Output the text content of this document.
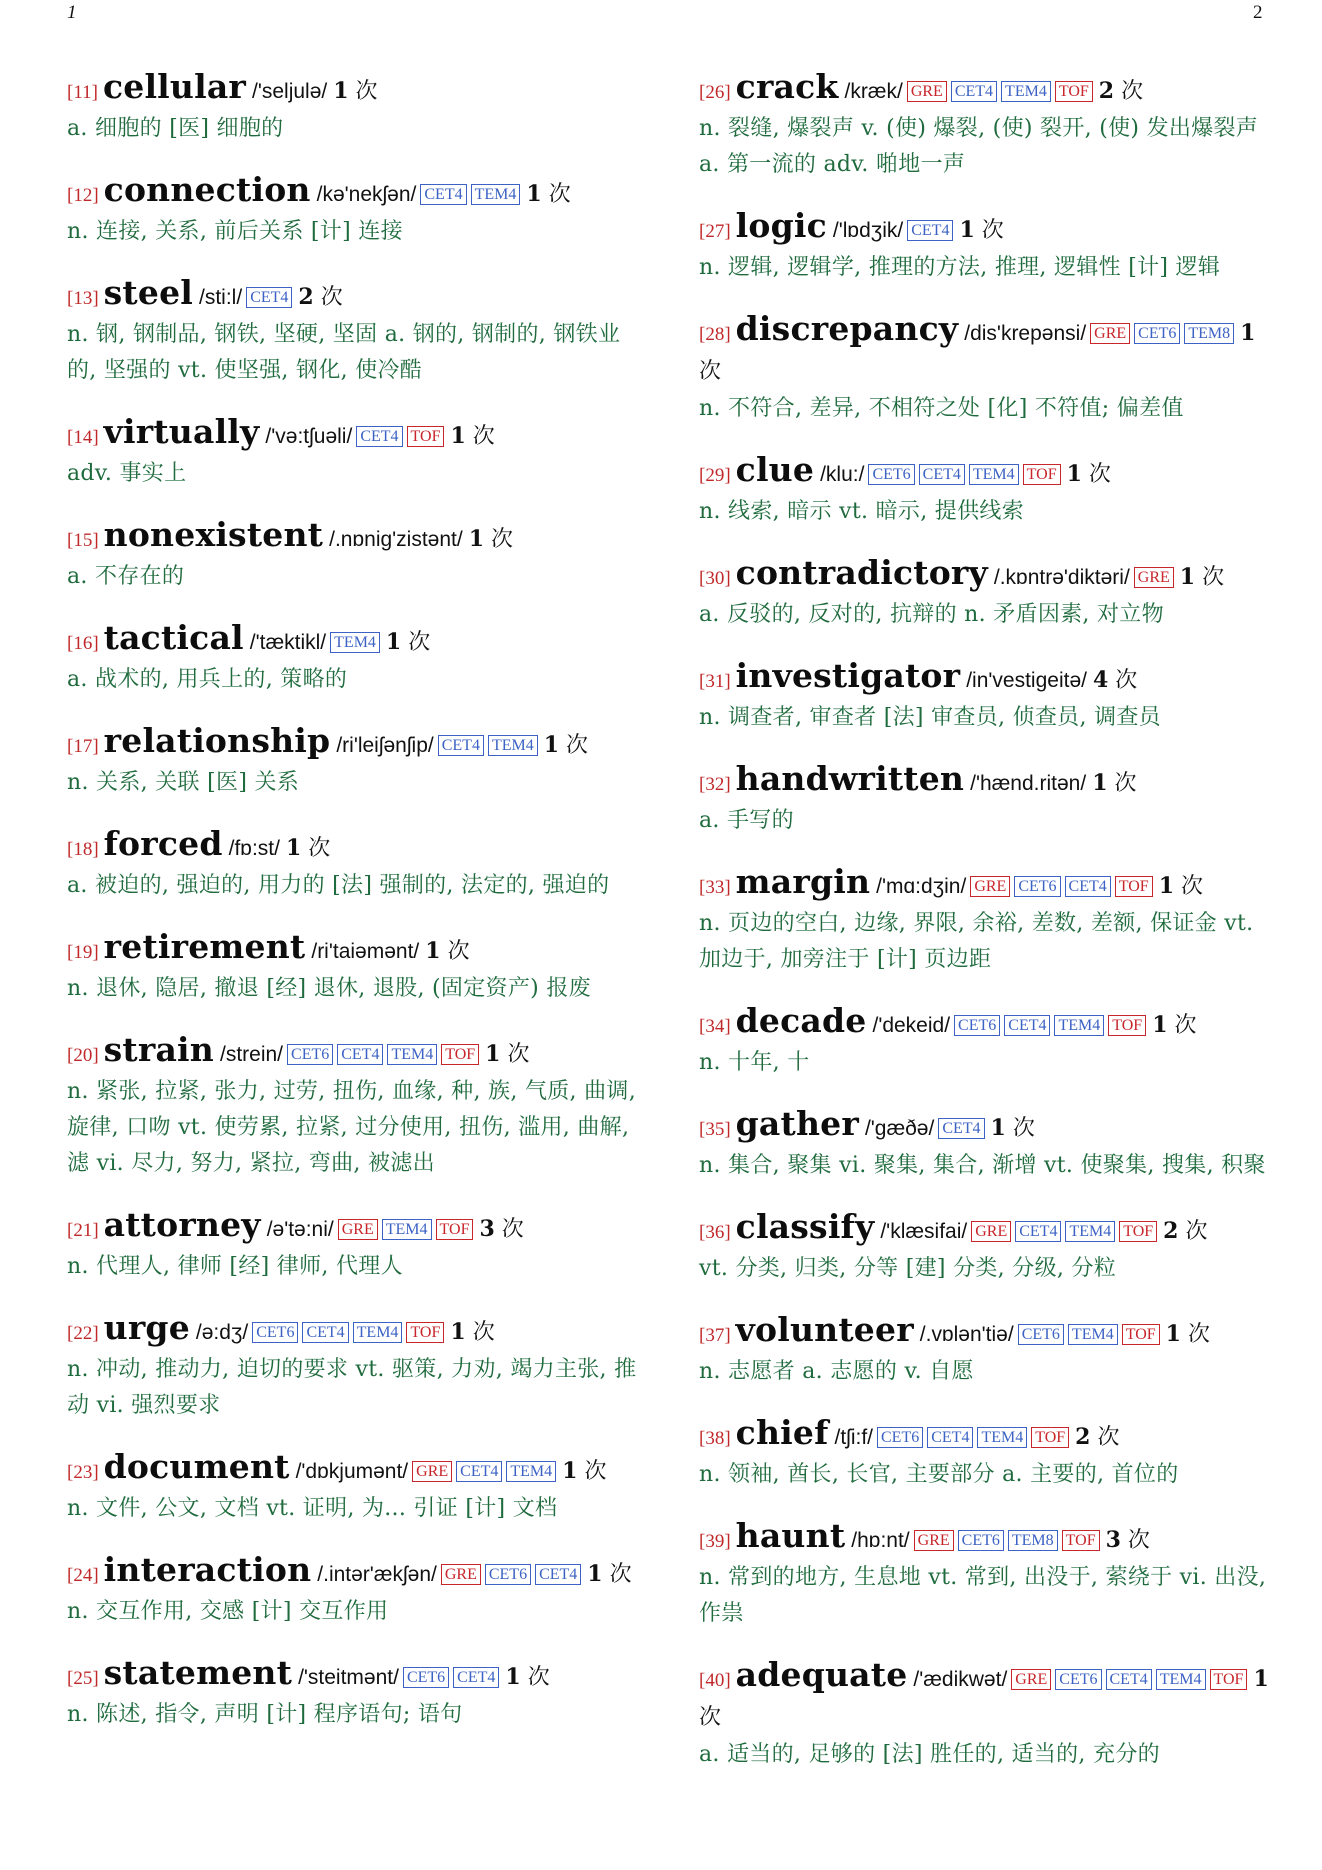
1	2
[11] cellular /'seljulə/ 1 次
a. 细胞的 [医] 细胞的
[12] connection /kə'nekʃən/ CET4 TEM4 1 次
n. 连接, 关系, 前后关系 [计] 连接
[13] steel /sti:l/ CET4 2 次
n. 钢, 钢制品, 钢铁, 坚硬, 坚固 a. 钢的, 钢制的, 钢铁业的, 坚强的 vt. 使坚强, 钢化, 使冷酷
[14] virtually /'və:tʃuəli/ CET4 TOF 1 次
adv. 事实上
[15] nonexistent /.nɒnig'zistənt/ 1 次
a. 不存在的
[16] tactical /'tæktikl/ TEM4 1 次
a. 战术的, 用兵上的, 策略的
[17] relationship /ri'leiʃənʃip/ CET4 TEM4 1 次
n. 关系, 关联 [医] 关系
[18] forced /fɒ:st/ 1 次
a. 被迫的, 强迫的, 用力的 [法] 强制的, 法定的, 强迫的
[19] retirement /ri'taiəmənt/ 1 次
n. 退休, 隐居, 撤退 [经] 退休, 退股, (固定资产) 报废
[20] strain /strein/ CET6 CET4 TEM4 TOF 1 次
n. 紧张, 拉紧, 张力, 过劳, 扭伤, 血缘, 种, 族, 气质, 曲调, 旋律, 口吻 vt. 使劳累, 拉紧, 过分使用, 扭伤, 滥用, 曲解, 滤 vi. 尽力, 努力, 紧拉, 弯曲, 被滤出
[21] attorney /ə'tə:ni/ GRE TEM4 TOF 3 次
n. 代理人, 律师 [经] 律师, 代理人
[22] urge /ə:dʒ/ CET6 CET4 TEM4 TOF 1 次
n. 冲动, 推动力, 迫切的要求 vt. 驱策, 力劝, 竭力主张, 推动 vi. 强烈要求
[23] document /'dɒkjumənt/ GRE CET4 TEM4 1 次
n. 文件, 公文, 文档 vt. 证明, 为... 引证 [计] 文档
[24] interaction /.intər'ækʃən/ GRE CET6 CET4 1 次
n. 交互作用, 交感 [计] 交互作用
[25] statement /'steitmənt/ CET6 CET4 1 次
n. 陈述, 指令, 声明 [计] 程序语句; 语句
[26] crack /kræk/ GRE CET4 TEM4 TOF 2 次
n. 裂缝, 爆裂声 v. (使) 爆裂, (使) 裂开, (使) 发出爆裂声 a. 第一流的 adv. 啪地一声
[27] logic /'lɒdʒik/ CET4 1 次
n. 逻辑, 逻辑学, 推理的方法, 推理, 逻辑性 [计] 逻辑
[28] discrepancy /dis'krepənsi/ GRE CET6 TEM8 1 次
n. 不符合, 差异, 不相符之处 [化] 不符值; 偏差值
[29] clue /klu:/ CET6 CET4 TEM4 TOF 1 次
n. 线索, 暗示 vt. 暗示, 提供线索
[30] contradictory /.kɒntrə'diktəri/ GRE 1 次
a. 反驳的, 反对的, 抗辩的 n. 矛盾因素, 对立物
[31] investigator /in'vestigeitə/ 4 次
n. 调查者, 审查者 [法] 审查员, 侦查员, 调查员
[32] handwritten /'hænd.ritən/ 1 次
a. 手写的
[33] margin /'mɑ:dʒin/ GRE CET6 CET4 TOF 1 次
n. 页边的空白, 边缘, 界限, 余裕, 差数, 差额, 保证金 vt. 加边于, 加旁注于 [计] 页边距
[34] decade /'dekeid/ CET6 CET4 TEM4 TOF 1 次
n. 十年, 十
[35] gather /'gæðə/ CET4 1 次
n. 集合, 聚集 vi. 聚集, 集合, 渐增 vt. 使聚集, 搜集, 积聚
[36] classify /'klæsifai/ GRE CET4 TEM4 TOF 2 次
vt. 分类, 归类, 分等 [建] 分类, 分级, 分粒
[37] volunteer /.vɒlən'tiə/ CET6 TEM4 TOF 1 次
n. 志愿者 a. 志愿的 v. 自愿
[38] chief /tʃi:f/ CET6 CET4 TEM4 TOF 2 次
n. 领袖, 酋长, 长官, 主要部分 a. 主要的, 首位的
[39] haunt /hɒ:nt/ GRE CET6 TEM8 TOF 3 次
n. 常到的地方, 生息地 vt. 常到, 出没于, 萦绕于 vi. 出没, 作祟
[40] adequate /'ædikwət/ GRE CET6 CET4 TEM4 TOF 1 次
a. 适当的, 足够的 [法] 胜任的, 适当的, 充分的
